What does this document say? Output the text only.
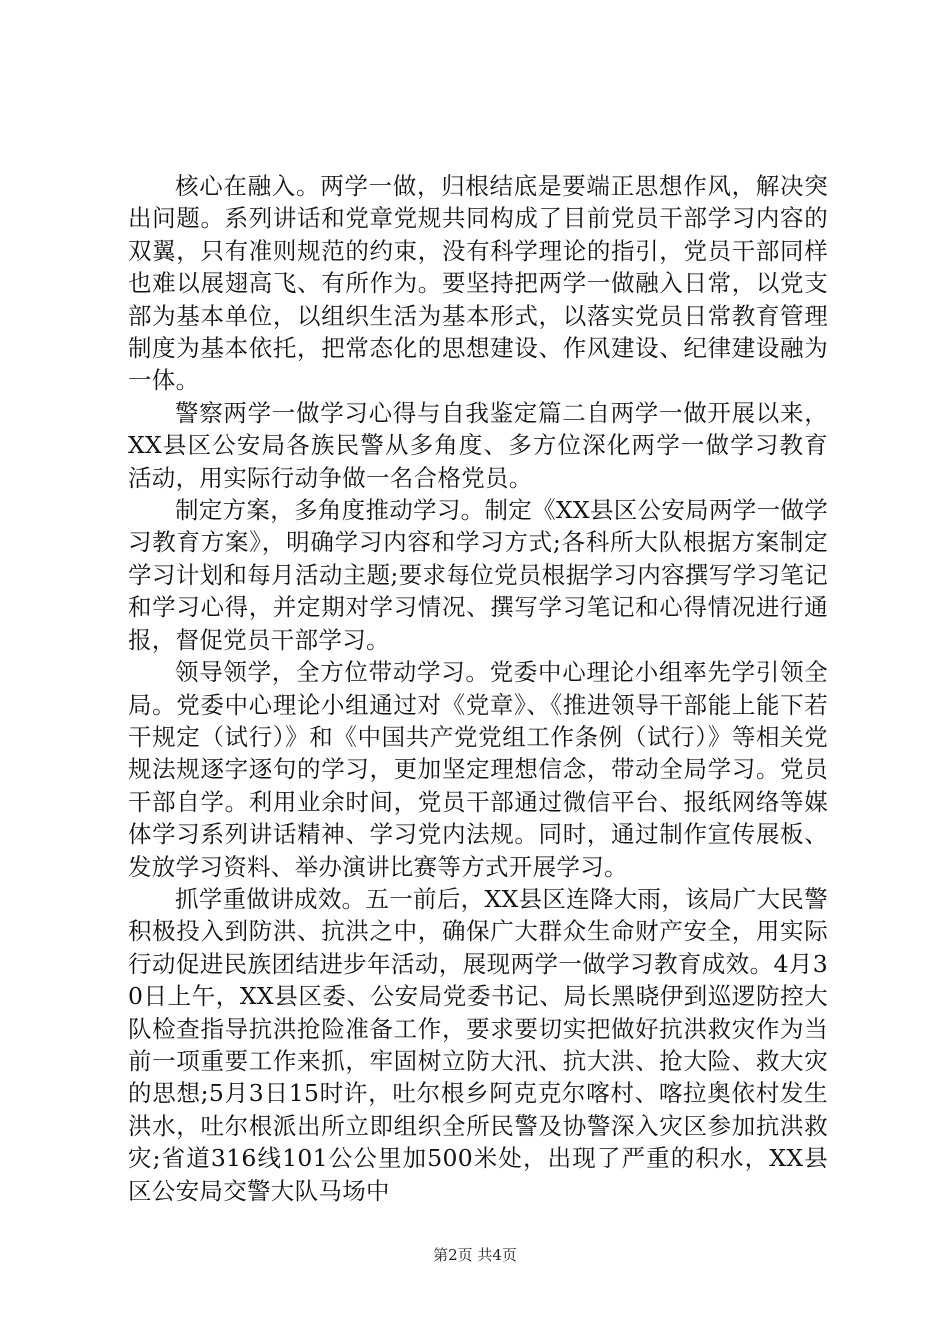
核心在融入。两学一做，归根结底是要端正思想作风，解决突出问题。系列讲话和党章党规共同构成了目前党员干部学习内容的双翼，只有准则规范的约束，没有科学理论的指引，党员干部同样也难以展翅高飞、有所作为。要坚持把两学一做融入日常，以党支部为基本单位，以组织生活为基本形式，以落实党员日常教育管理制度为基本依托，把常态化的思想建设、作风建设、纪律建设融为一体。

警察两学一做学习心得与自我鉴定篇二自两学一做开展以来，XX县区公安局各族民警从多角度、多方位深化两学一做学习教育活动，用实际行动争做一名合格党员。

制定方案，多角度推动学习。制定《XX县区公安局两学一做学习教育方案》，明确学习内容和学习方式;各科所大队根据方案制定学习计划和每月活动主题;要求每位党员根据学习内容撰写学习笔记和学习心得，并定期对学习情况、撰写学习笔记和心得情况进行通报，督促党员干部学习。

领导领学，全方位带动学习。党委中心理论小组率先学引领全局。党委中心理论小组通过对《党章》、《推进领导干部能上能下若干规定（试行）》和《中国共产党党组工作条例（试行）》等相关党规法规逐字逐句的学习，更加坚定理想信念，带动全局学习。党员干部自学。利用业余时间，党员干部通过微信平台、报纸网络等媒体学习系列讲话精神、学习党内法规。同时，通过制作宣传展板、发放学习资料、举办演讲比赛等方式开展学习。

抓学重做讲成效。五一前后，XX县区连降大雨，该局广大民警积极投入到防洪、抗洪之中，确保广大群众生命财产安全，用实际行动促进民族团结进步年活动，展现两学一做学习教育成效。4月30日上午，XX县区委、公安局党委书记、局长黑晓伊到巡逻防控大队检查指导抗洪抢险准备工作，要求要切实把做好抗洪救灾作为当前一项重要工作来抓，牢固树立防大汛、抗大洪、抢大险、救大灾的思想;5月3日15时许，吐尔根乡阿克克尔喀村、喀拉奥依村发生洪水，吐尔根派出所立即组织全所民警及协警深入灾区参加抗洪救灾;省道316线101公公里加500米处，出现了严重的积水，XX县区公安局交警大队马场中

第2页 共4页
